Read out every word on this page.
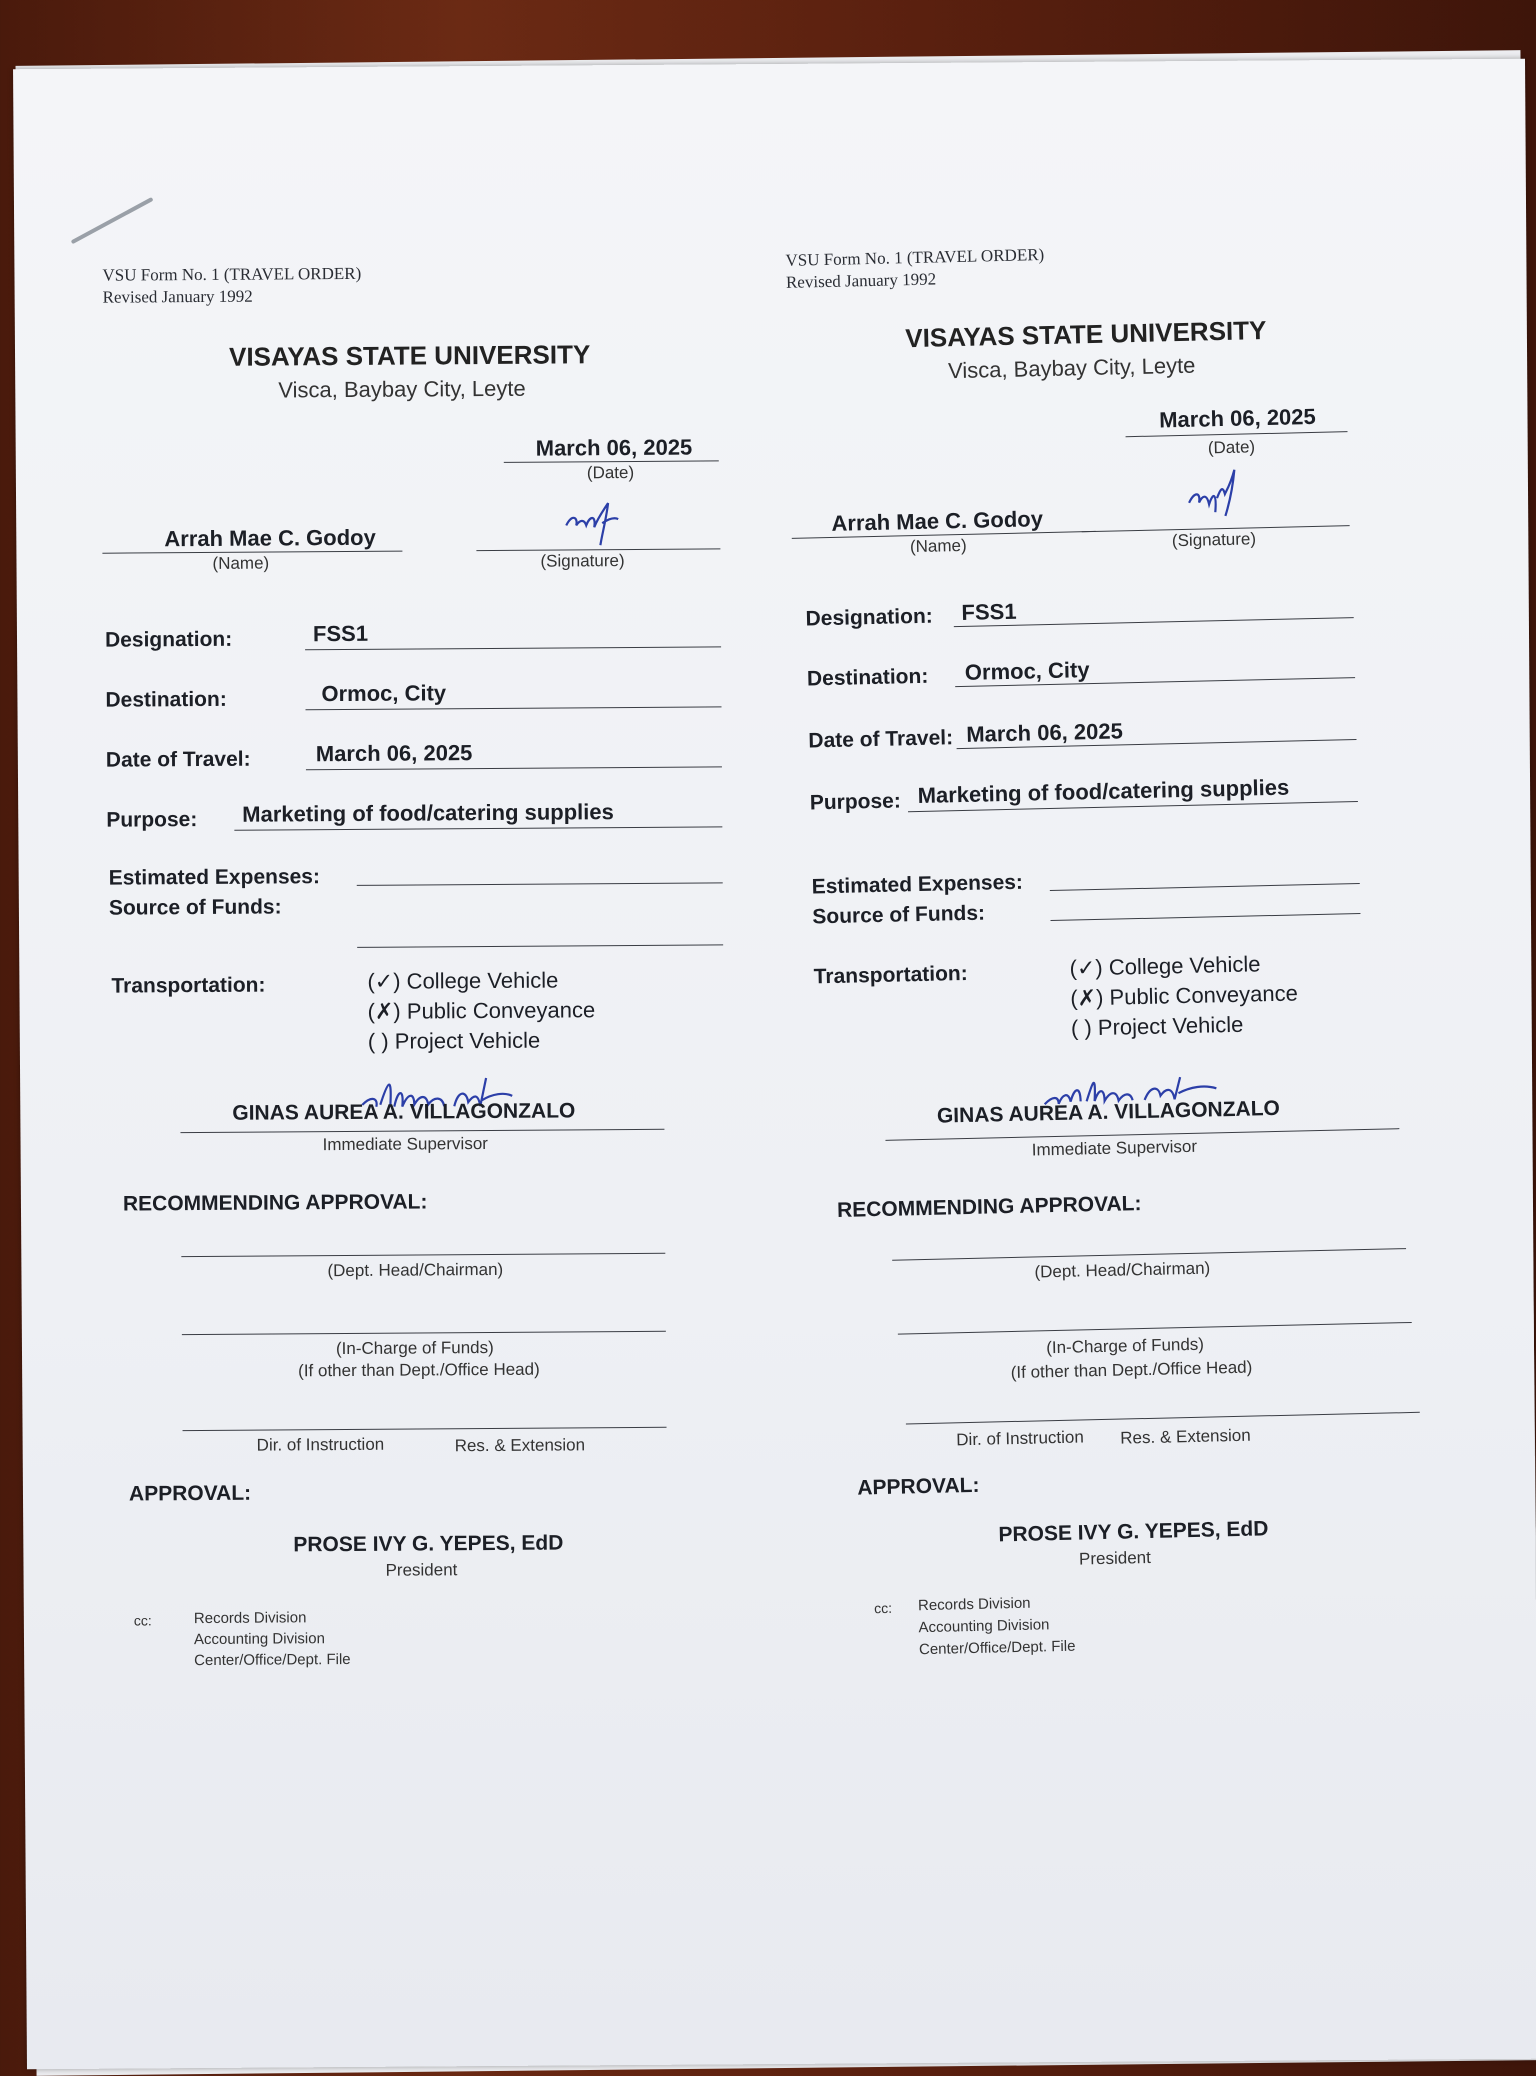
VSU Form No. 1 (TRAVEL ORDER)
Revised January 1992
VISAYAS STATE UNIVERSITY
Visca, Baybay City, Leyte
March 06, 2025
(Date)
Arrah Mae C. Godoy
(Name)	(Signature)
Designation:	FSS1
Destination:	Ormoc, City
Date of Travel:	March 06, 2025
Purpose: Marketing of food/catering supplies
Estimated Expenses:
Source of Funds:
Transportation:	(✓) College Vehicle
(✗) Public Conveyance
( ) Project Vehicle
GINAS AUREA A. VILLAGONZALO
Immediate Supervisor
RECOMMENDING APPROVAL:
(Dept. Head/Chairman)
(In-Charge of Funds)
(If other than Dept./Office Head)
Dir. of Instruction	Res. & Extension
APPROVAL:
PROSE IVY G. YEPES, EdD
President
cc:	Records Division
Accounting Division
Center/Office/Dept. File
VSU Form No. 1 (TRAVEL ORDER)
Revised January 1992
VISAYAS STATE UNIVERSITY
Visca, Baybay City, Leyte
March 06, 2025
(Date)
Arrah Mae C. Godoy
(Name)	(Signature)
Designation: FSS1
Destination: Ormoc, City
Date of Travel: March 06, 2025
Purpose: Marketing of food/catering supplies
Estimated Expenses:
Source of Funds:
Transportation:	(✓) College Vehicle
(✗) Public Conveyance
( ) Project Vehicle
GINAS AUREA A. VILLAGONZALO
Immediate Supervisor
RECOMMENDING APPROVAL:
(Dept. Head/Chairman)
(In-Charge of Funds)
(If other than Dept./Office Head)
Dir. of Instruction Res. & Extension
APPROVAL:
PROSE IVY G. YEPES, EdD
President
cc: Records Division
Accounting Division
Center/Office/Dept. File
